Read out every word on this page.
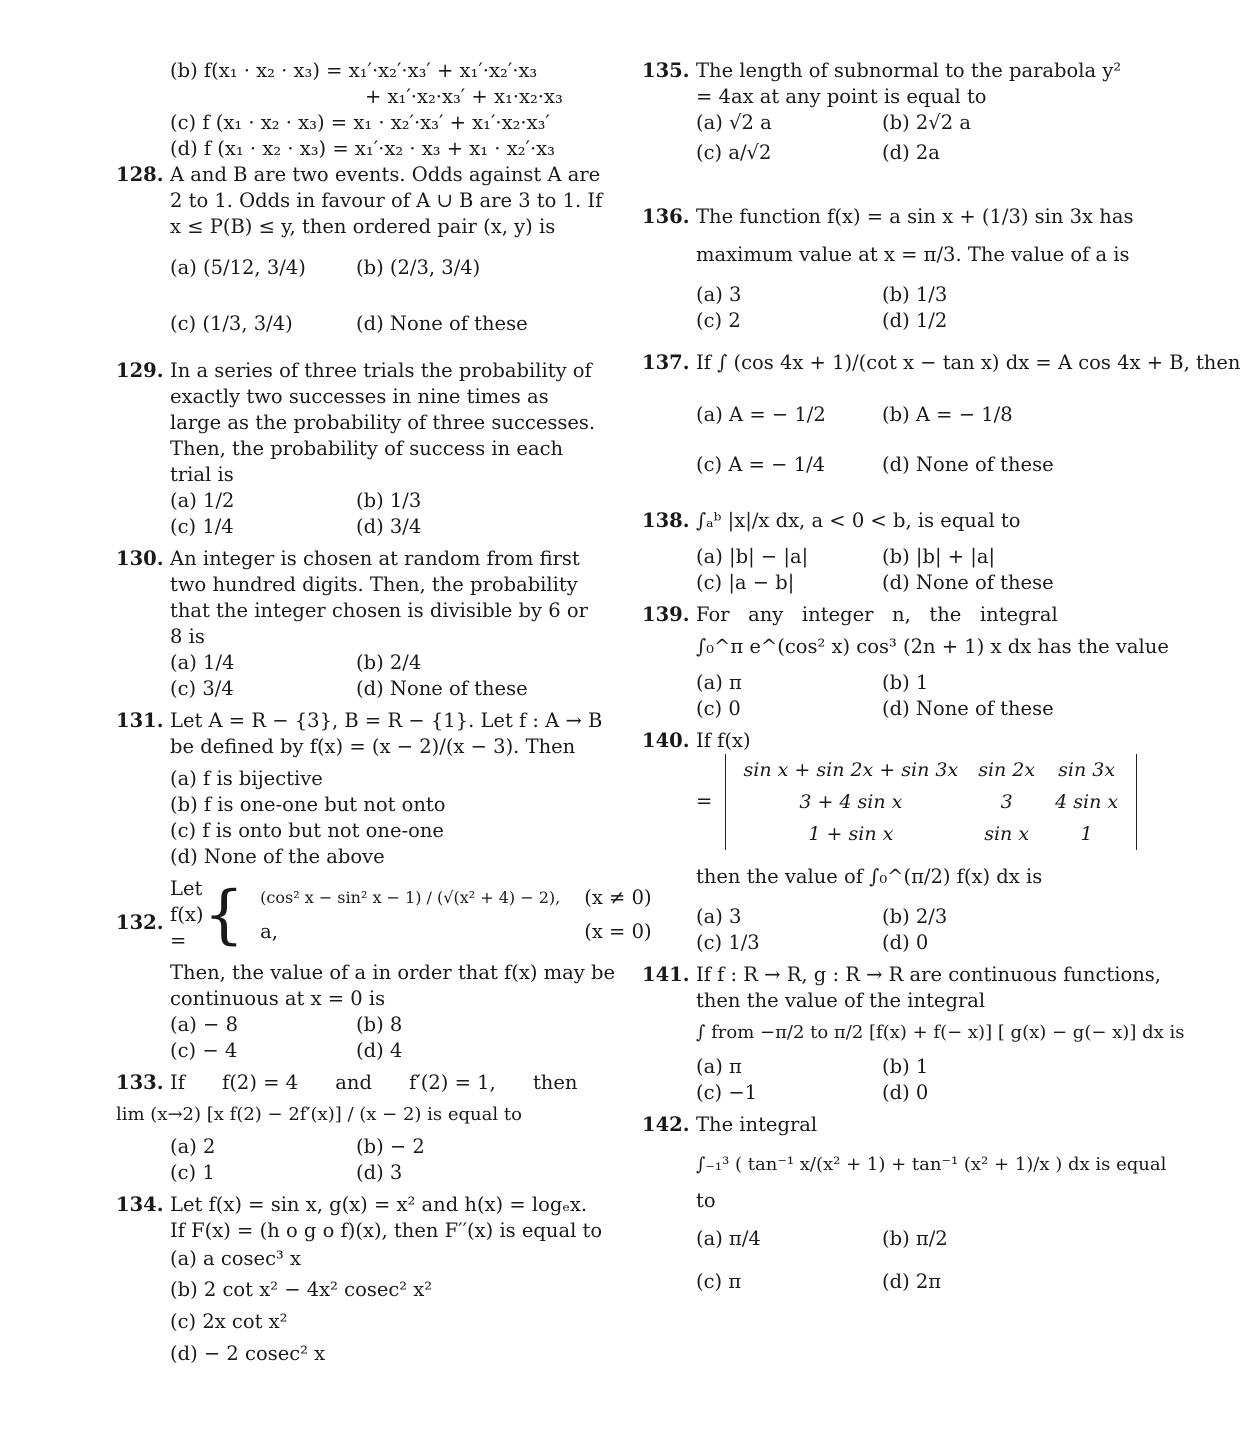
(b) f(x₁ · x₂ · x₃) = x₁′·x₂′·x₃′ + x₁′·x₂′·x₃
+ x₁′·x₂·x₃′ + x₁·x₂·x₃
(c) f (x₁ · x₂ · x₃) = x₁ · x₂′·x₃′ + x₁′·x₂·x₃′
(d) f (x₁ · x₂ · x₃) = x₁′·x₂ · x₃ + x₁ · x₂′·x₃
128. A and B are two events. Odds against A are 2 to 1. Odds in favour of A ∪ B are 3 to 1. If x ≤ P(B) ≤ y, then ordered pair (x, y) is
(a) (5/12, 3/4)	(b) (2/3, 3/4)
(c) (1/3, 3/4)	(d) None of these
129. In a series of three trials the probability of exactly two successes in nine times as large as the probability of three successes. Then, the probability of success in each trial is
(a) 1/2	(b) 1/3
(c) 1/4	(d) 3/4
130. An integer is chosen at random from first two hundred digits. Then, the probability that the integer chosen is divisible by 6 or 8 is
(a) 1/4	(b) 2/4
(c) 3/4	(d) None of these
131. Let A = R − {3}, B = R − {1}. Let f : A → B be defined by f(x) = (x − 2)/(x − 3). Then
(a) f is bijective
(b) f is one-one but not onto
(c) f is onto but not one-one
(d) None of the above
132.
Let f(x) = { (cos² x − sin² x − 1) / (√(x² + 4) − 2),	(x ≠ 0)
a,	(x = 0)
Then, the value of a in order that f(x) may be continuous at x = 0 is
(a) − 8	(b) 8
(c) − 4	(d) 4
133. If      f(2) = 4      and      f′(2) = 1,      then
lim (x→2) [x f(2) − 2f′(x)] / (x − 2) is equal to
(a) 2	(b) − 2
(c) 1	(d) 3
134. Let f(x) = sin x, g(x) = x² and h(x) = logₑx. If F(x) = (h o g o f)(x), then F′′(x) is equal to
(a) a cosec³ x
(b) 2 cot x² − 4x² cosec² x²
(c) 2x cot x²
(d) − 2 cosec² x
135. The length of subnormal to the parabola y² = 4ax at any point is equal to
(a) √2 a	(b) 2√2 a
(c) a/√2	(d) 2a
136. The function f(x) = a sin x + (1/3) sin 3x has
maximum value at x = π/3. The value of a is
(a) 3	(b) 1/3
(c) 2	(d) 1/2
137. If ∫ (cos 4x + 1)/(cot x − tan x) dx = A cos 4x + B, then
(a) A = − 1/2	(b) A = − 1/8
(c) A = − 1/4	(d) None of these
138. ∫ₐᵇ |x|/x dx, a < 0 < b, is equal to
(a) |b| − |a|	(b) |b| + |a|
(c) |a − b|	(d) None of these
139. For   any   integer   n,   the   integral
∫₀^π e^(cos² x) cos³ (2n + 1) x dx has the value
(a) π	(b) 1
(c) 0	(d) None of these
140. If f(x)
=
sin x + sin 2x + sin 3x	sin 2x	sin 3x
3 + 4 sin x	3	4 sin x
1 + sin x	sin x	1
then the value of ∫₀^(π/2) f(x) dx is
(a) 3	(b) 2/3
(c) 1/3	(d) 0
141. If f : R → R, g : R → R are continuous functions, then the value of the integral
∫ from −π/2 to π/2 [f(x) + f(− x)] [ g(x) − g(− x)] dx is
(a) π	(b) 1
(c) −1	(d) 0
142. The integral
∫₋₁³ ( tan⁻¹ x/(x² + 1) + tan⁻¹ (x² + 1)/x ) dx is equal
to
(a) π/4	(b) π/2
(c) π	(d) 2π
